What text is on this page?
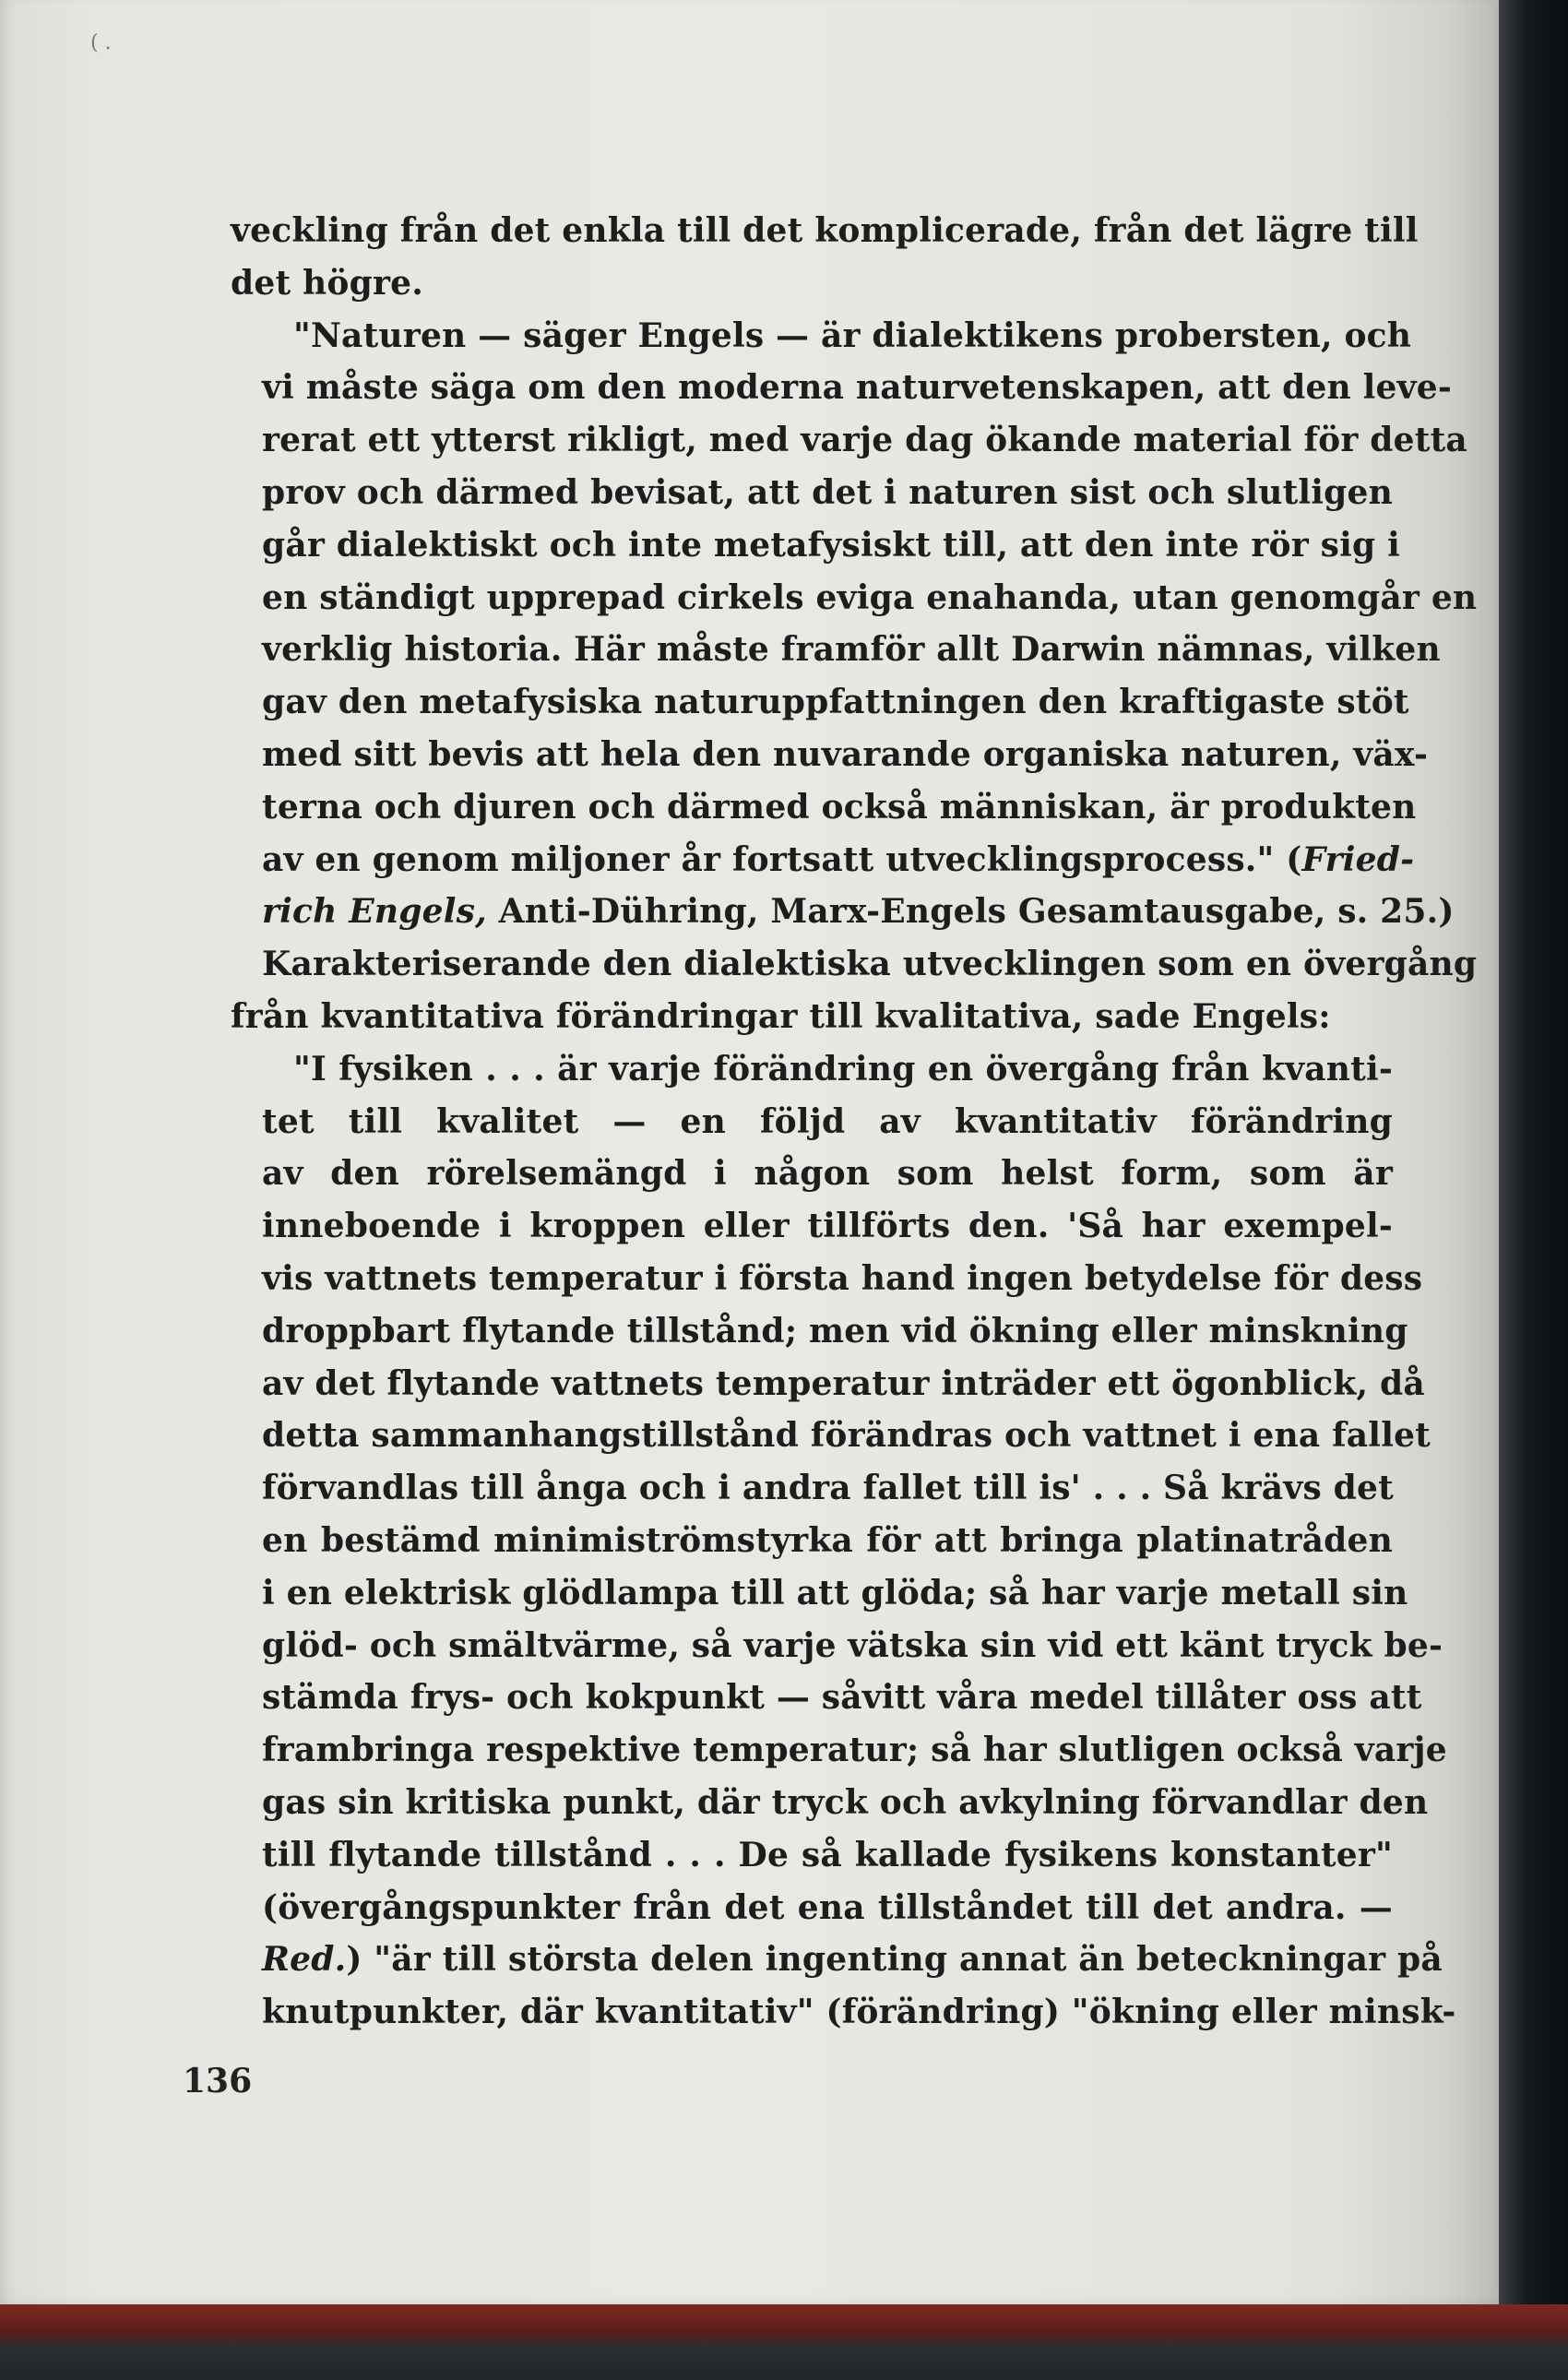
( .
veckling från det enkla till det komplicerade, från det lägre till
det högre.
"Naturen — säger Engels — är dialektikens probersten, och
vi måste säga om den moderna naturvetenskapen, att den leve-
rerat ett ytterst rikligt, med varje dag ökande material för detta
prov och därmed bevisat, att det i naturen sist och slutligen
går dialektiskt och inte metafysiskt till, att den inte rör sig i
en ständigt upprepad cirkels eviga enahanda, utan genomgår en
verklig historia. Här måste framför allt Darwin nämnas, vilken
gav den metafysiska naturuppfattningen den kraftigaste stöt
med sitt bevis att hela den nuvarande organiska naturen, väx-
terna och djuren och därmed också människan, är produkten
av en genom miljoner år fortsatt utvecklingsprocess." (Fried-
rich Engels, Anti-Dühring, Marx-Engels Gesamtausgabe, s. 25.)
Karakteriserande den dialektiska utvecklingen som en övergång
från kvantitativa förändringar till kvalitativa, sade Engels:
"I fysiken . . . är varje förändring en övergång från kvanti-
tet till kvalitet — en följd av kvantitativ förändring
av den rörelsemängd i någon som helst form, som är
inneboende i kroppen eller tillförts den. 'Så har exempel-
vis vattnets temperatur i första hand ingen betydelse för dess
droppbart flytande tillstånd; men vid ökning eller minskning
av det flytande vattnets temperatur inträder ett ögonblick, då
detta sammanhangstillstånd förändras och vattnet i ena fallet
förvandlas till ånga och i andra fallet till is' . . . Så krävs det
en bestämd minimiströmstyrka för att bringa platinatråden
i en elektrisk glödlampa till att glöda; så har varje metall sin
glöd- och smältvärme, så varje vätska sin vid ett känt tryck be-
stämda frys- och kokpunkt — såvitt våra medel tillåter oss att
frambringa respektive temperatur; så har slutligen också varje
gas sin kritiska punkt, där tryck och avkylning förvandlar den
till flytande tillstånd . . . De så kallade fysikens konstanter"
(övergångspunkter från det ena tillståndet till det andra. —
Red.) "är till största delen ingenting annat än beteckningar på
knutpunkter, där kvantitativ" (förändring) "ökning eller minsk-
136
